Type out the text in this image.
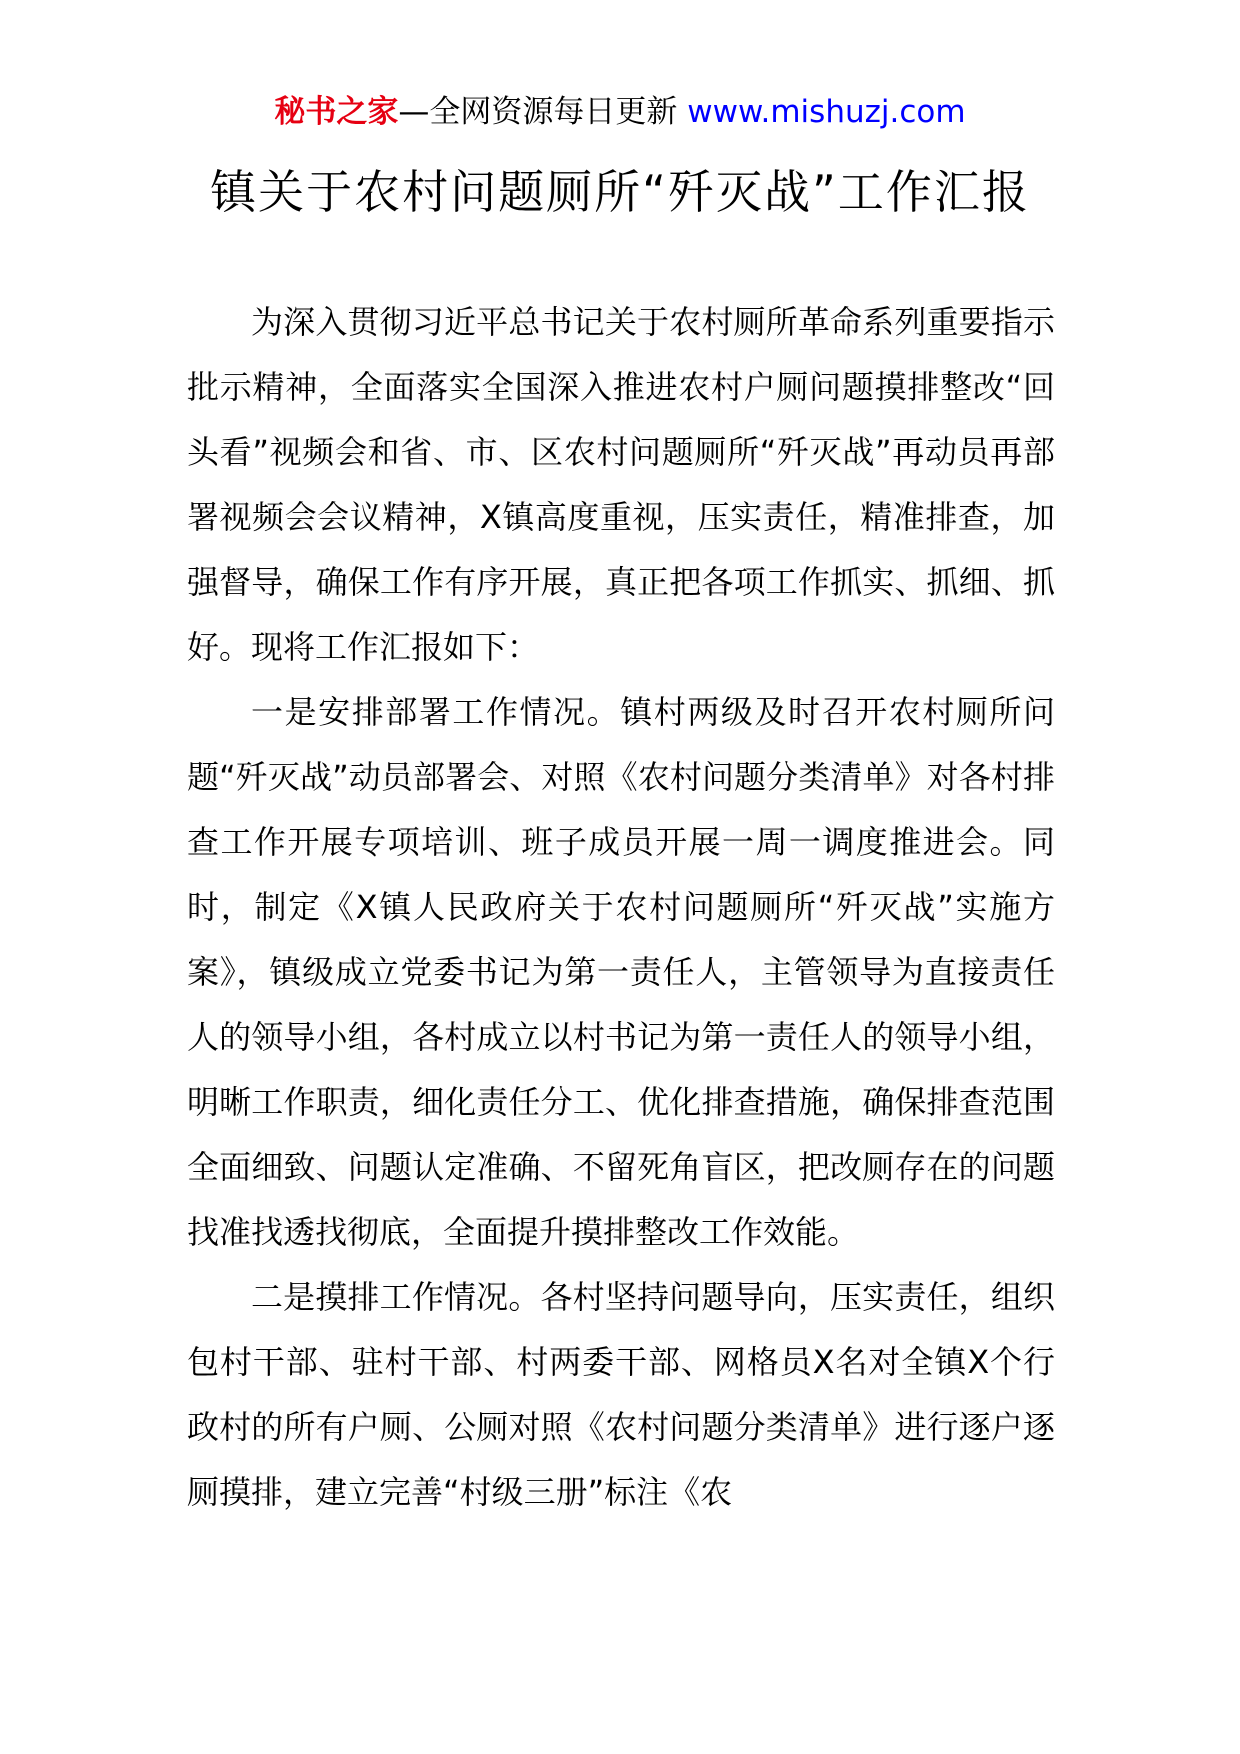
秘书之家—全网资源每日更新 www.mishuzj.com
镇关于农村问题厕所“歼灭战”工作汇报

为深入贯彻习近平总书记关于农村厕所革命系列重要指示批示精神，全面落实全国深入推进农村户厕问题摸排整改“回头看”视频会和省、市、区农村问题厕所“歼灭战”再动员再部署视频会会议精神，X镇高度重视，压实责任，精准排查，加强督导，确保工作有序开展，真正把各项工作抓实、抓细、抓好。现将工作汇报如下：

一是安排部署工作情况。镇村两级及时召开农村厕所问题“歼灭战”动员部署会、对照《农村问题分类清单》对各村排查工作开展专项培训、班子成员开展一周一调度推进会。同时，制定《X镇人民政府关于农村问题厕所“歼灭战”实施方案》，镇级成立党委书记为第一责任人，主管领导为直接责任人的领导小组，各村成立以村书记为第一责任人的领导小组，明晰工作职责，细化责任分工、优化排查措施，确保排查范围全面细致、问题认定准确、不留死角盲区，把改厕存在的问题找准找透找彻底，全面提升摸排整改工作效能。

二是摸排工作情况。各村坚持问题导向，压实责任，组织包村干部、驻村干部、村两委干部、网格员X名对全镇X个行政村的所有户厕、公厕对照《农村问题分类清单》进行逐户逐厕摸排，建立完善“村级三册”标注《农
